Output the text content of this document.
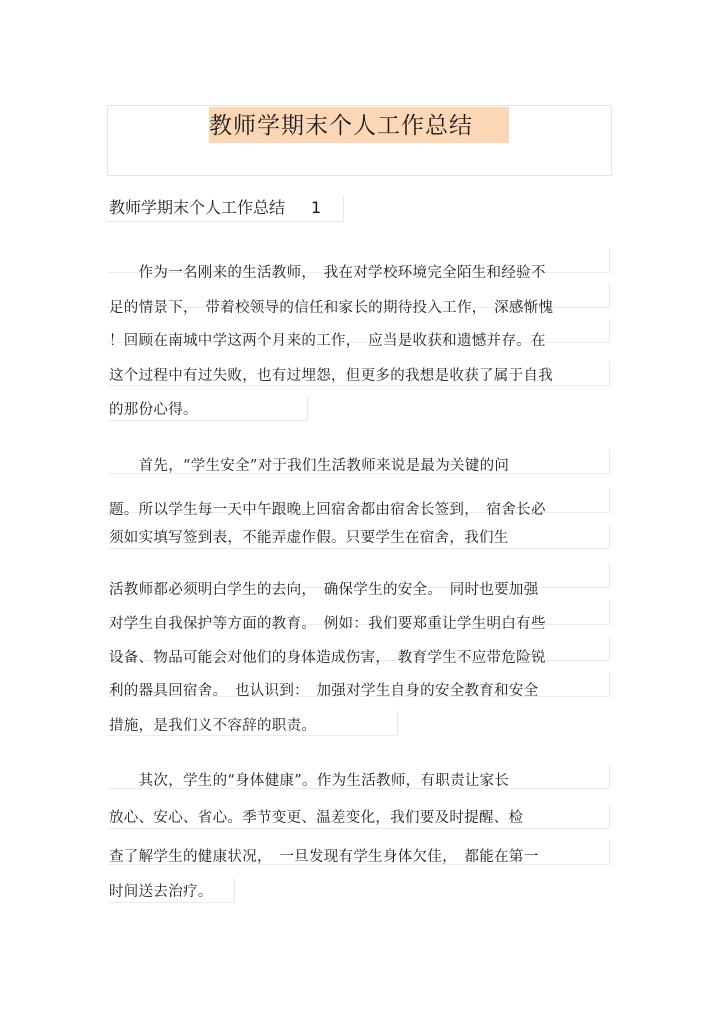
教师学期末个人工作总结
教师学期末个人工作总结 1
　　作为一名刚来的生活教师，　我在对学校环境完全陌生和经验不
足的情景下，　带着校领导的信任和家长的期待投入工作，　深感惭愧
！回顾在南城中学这两个月来的工作，　应当是收获和遗憾并存。在
这个过程中有过失败，也有过埋怨，但更多的我想是收获了属于自我
的那份心得。
　　首先，“学生安全”对于我们生活教师来说是最为关键的问
题。所以学生每一天中午跟晚上回宿舍都由宿舍长签到，　宿舍长必
须如实填写签到表，不能弄虚作假。只要学生在宿舍，我们生
活教师都必须明白学生的去向，　确保学生的安全。　同时也要加强
对学生自我保护等方面的教育。　例如：我们要郑重让学生明白有些
设备、物品可能会对他们的身体造成伤害，　教育学生不应带危险锐
利的器具回宿舍。　也认识到：　加强对学生自身的安全教育和安全
措施，是我们义不容辞的职责。
　　其次，学生的“身体健康”。作为生活教师，有职责让家长
放心、安心、省心。季节变更、温差变化，我们要及时提醒、检
查了解学生的健康状况，　一旦发现有学生身体欠佳，　都能在第一
时间送去治疗。
